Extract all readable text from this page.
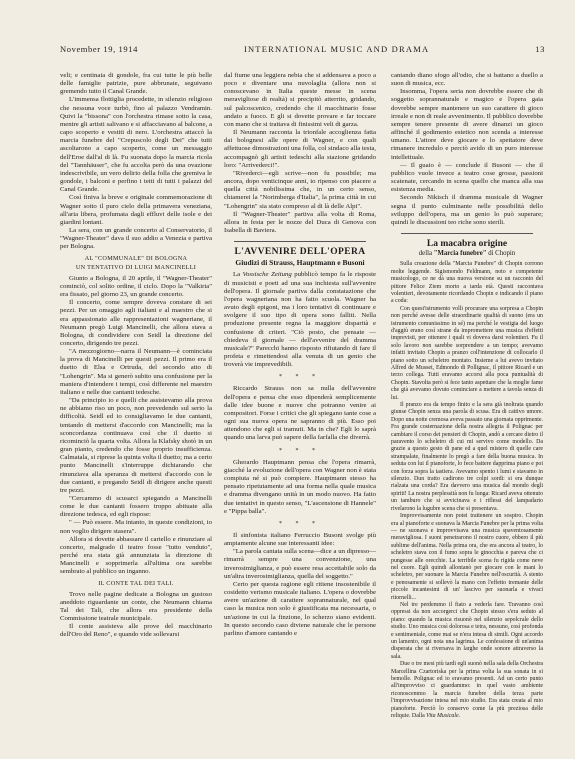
November 19, 1914	INTERNATIONAL MUSIC AND DRAMA	13

veli; e centinaia di gondole, fra cui tutte le più belle delle famiglie patrizie, pure abbrunate, seguivano gremendo tutto il Canal Grande.

L'immensa flottiglia procedette, in silenzio religioso che nessuna voce turbò, fino al palazzo Vendramin. Quivi la "bissona" con l'orchestra rimase sotto la casa, mentre gli artisti salivano e si affacciavano al balcone, a capo scoperto e vestiti di nero. L'orchestra attaccò la marcia funebre del "Crepuscolo degli Dei" che tutti ascoltarono a capo scoperto, come un messaggio dell'Eroe dall'al di là. Fu suonata dopo la marcia ricola del "Tannhäuser", che fu accolta però da una ovazione indescrivibile, un vero delirio della folla che gremiva le gondole, i balconi e perfino i tetti di tutti i palazzi del Canal Grande.

Così finiva la breve e originale commemorazione di Wagner sotto il puro cielo della primavera veneziana, all'aria libera, profumata dagli effluvi delle isole e dei giardini lontani.

La sera, con un grande concerto al Conservatorio, il "Wagner-Theater" dava il suo addio a Venezia e partiva per Bologna.

AL "COMMUNALE" DI BOLOGNA
UN TENTATIVO DI LUIGI MANCINELLI

Giunto a Bologna, il 20 aprile, il "Wagner-Theater" cominciò, col solito ordine, il ciclo. Dopo la "Valkiria" era fissato, pel giorno 23, un grande concerto.

Il concerto, come sempre doveva constare di sei pezzi. Per un omaggio agli italiani e al maestro che si era appassionato alle rappresentazioni wagneriane, il Neumann pregò Luigi Mancinelli, che allora stava a Bologna, di condividere con Seidl la direzione del concerto, dirigendo tre pezzi.

"A mezzogiorno—narra il Neumann—è cominciata la prova di Mancinelli per questi pezzi. Il primo era il duetto di Elsa e Ortruda, del secondo atto di "Lohengrin". Ma si generò subito una confusione per la maniera d'intendere i tempi, così differente nel maestro italiano e nelle due cantanti tedesche.

"Da principio io e quelli che assistevamo alla prova ne abbiamo riso un poco, non prevedendo sul serio la difficoltà. Seidl ed io consigliavamo le due cantanti, tentando di mettersi d'accordo con Mancinelli; ma la sconcordanza continuava così che il duetto si ricominciò la quarta volta. Allora la Klafsky shotò in un gran pianto, credendo che fosse proprio insufficienza. Calmatala, si riprese la quinta volta il duetto; ma a certo punto Mancinelli s'interruppe dichiarando che rinunziava alla speranza di mettersi d'accordo con le due cantanti, e pregando Seidl di dirigere anche questi tre pezzi.

"Cercammo di scusarci spiegando a Mancinelli come le due cantanti fossero troppo abituate alla direzione tedesca, ed egli rispose:

" — Può essere. Ma intanto, in queste condizioni, io non voglio dirigere stasera".

Allora si dovette abbassare il cartello e rinunziare al concerto, malgrado il teatro fosse "tutto venduto", perché era stata già annunziata la direzione di Mancinelli e sopprimerla all'ultima ora sarebbe sembrato al pubblico un inganno.

IL CONTE TAL DEI TALI.

Trovo nelle pagine dedicate a Bologna un gustoso aneddoto riguardante un conte, che Neumann chiama Tal dei Tali, che allora era presidente della Commissione teatrale municipale.

Il conte assisteva alle prove del macchinario dell'Oro del Reno", e quando vide sollevarsi

dal fiume una leggiera nebia che si addensava a poco a poco e diventare una nuvolaglia (allora non si conoscevano in Italia queste messe in scena meravigliose di realtà) si precipitò atterrito, gridando, sul palcoscenico, credendo che il macchinario fosse andato a fuoco. E gli si dovette provare e far toccare con mano che si trattava di finissimi veli di garza.

Il Neumann racconta la trionfale accoglienza fatta dai bolognesi alle opere di Wagner, e con quali affettuose dimostrazioni una folla, col sindaco alla testa, accompagnò gli artisti tedeschi alla stazione gridando loro: "Arrivederci!".

"Rivederci—egli scrive—non fu possibile; ma ancora, dopo venticinque anni, io ripenso con piacere a quella città nobilissima che, in un certo senso, chiamerei la "Norimberga d'Italia", la prima città in cui "Lohengrin" sia stato compreso al di là delle Alpi".

Il "Wagner-Theater" partiva alla volta di Roma, allora in festa per le nozze del Duca di Genova con Isabella di Baviera.

L'AVVENIRE DELL'OPERA
Giudizi di Strauss, Hauptmann e Busoni

La Vossische Zeitung pubblicò tempo fa le risposte di musicisti e poeti ad una sua inchiesta sull'avvenire dell'opera. Il giornale partiva dalla constatazione che l'opera wagneriana non ha fatto scuola. Wagner ha avuto degli epigoni, ma i loro tentativi di continuare e svolgere il suo tipo di opera sono falliti. Nella produzione presente regna la maggiore disparità e confusione di criteri. "Ciò posto, che pensate — chiedeva il giornale — dell'avvenire del dramma musicale?" Parecchi hanno risposto rifiutando di fare il profeta e rimettendosi alla venuta di un genio che troverà vie imprevedibili.

* * *

Riccardo Strauss non sa nulla dell'avvenire dell'opera e pensa che esso dipenderà semplicemente dalle idee buone e nuove che potranno venire ai compositori. Forse i critici che gli spiegano tante cose a ogni sua nuova opera ne sapranno di più. Esso poi attendono che egli si tramuti. Ma in che? Egli lo saprà quando una larva può sapere della farfalla che diverrà.

* * *

Gherardo Hauptmann pensa che l'opera rimarrà, giacché la evoluzione dell'opera con Wagner non è stata compiuta né si può compiere. Hauptmann stesso ha pensato ripetutamente ad una forma nella quale musica e dramma divengano unità in un modo nuovo. Ha fatto due tentativi in questo senso, "L'ascensione di Hannele" e "Pippa balla".

* * *

Il sinfonista italiano Ferruccio Busoni svolge più ampiamente alcune sue interessanti idee:

"La parola cantata sulla scena—dice a un dipresso—rimarrà sempre una convenzione, una inverosimiglianza, e può essere resa accettabile solo da un'altra inverosimiglianza, quella del soggetto."

Certo per questa ragione egli ritiene insostenibile il cosidetto verismo musicale italiano. L'opera o dovrebbe avere un'azione di carattere soprannaturale, nel qual caso la musica non solo è giustificata ma necessaria, o un'azione in cui la finzione, lo scherzo siano evidenti. In questo secondo caso diviene naturale che le persone parlino d'amore cantando e

cantando diano sfogo all'odio, che si battano a duello a suon di musica, ecc.

Insomma, l'opera seria non dovrebbe essere che di soggetto soprannaturale e magico e l'opera gaia dovrebbe sempre mantenere un suo carattere di gioco irreale e non di reale avvenimento. Il pubblico dovrebbe sempre tenere presente di avere dinanzi un gioco affinché il godimento estetico non scenda a interesse umano. L'attore deve giocare e lo spettatore deve rimanere incredulo e perciò avido di un puro interesse intellettuale.

— Il guaio è — conclude il Busoni — che il pubblico vuole invece a teatro cose grosse, passioni scatenate, cercando in scena quello che manca alla sua esistenza media.

Secondo Nikisch il dramma musicale di Wagner segna il punto culminante nelle possibilità dello sviluppo dell'opera, ma un genio lo può superare; quindi le discussioni teo riche sono sterili.

La macabra origine
della "Marcia funebre" di Chopin

Sulla creazione della "Marcia Funebre" di Chopin corrono molte leggende. Sigismondo Feldmann, noto e competente musicologo, ce ne dà una nuova versione su un racconto del pittore Felice Ziem morto a tarda età. Questi raccontava volentieri, devotamente ricordando Chopin e indicando il piano a coda:

Con quest'istrumento volli procurare una sorpresa a Chopin non perché avesse delle straordinarie qualità di suono (era un istrumento comunissimo in sé) ma perché le vestigia del luogo d'aggiù erano così strane da impromettere una musica d'effetti imprevisti, per ottenere i quali vi doveva darsi volentieri. Fu il solo lavoro non sarebbe sorprendere a un tempo; avevamo infatti invitato Chopin a pranzo coll'intenzione di collocarlo il piano sotto un scheletro montato. Insieme a lui avevo invitato Alfred de Musset, Edmondo di Pollignac, il pittore Ricard e un terzo collega. Tutti eravamo accorsi alla poca puntualità di Chopin. Stavolta però si fece tanto aspettare che la moglie fame che già avevamo dovuto cominciare a mettere a tavola senza di lui.

Il pranzo era da tempo finito e la sera già inoltrata quando giunse Chopin senza una parola di scusa. Era di cattivo umore. Dopo una notte cremosa aveva passato una giornata opprimente. Fra grande costernazione della nostra allegria il Polignac per cambiare il corso dei pensieri di Chopin, andò a cercare dietro il paravento lo scheletro di cui mi servivo come modello. Da grazie a questo gesto di pane ed a quel mistero di quelle care strampalate, finalmente lo pregò a fare della buona musica. In seduta con lui il pianoforte, lo fece battere dapprima piano e poi con forza sopra la tastiera. Avevamo spento i lumi e stavamo in silenzio. Dun tratto cadirono tre colpi sordi: si era dunque rialzata una corda? Era davvero una musica dal mondo degli spiriti! La nostra perplessità non fu lunga: Ricard aveva ottenuto un tamburo che si avvicinava e i riflessi del lampadario rivelarono la lugubre scena che si presentava.

Improvvisamente non potei trattenere un sospiro. Chopin era al pianoforte e suonava la Marcia Funebre per la prima volta — ne suonava e improvvisava una musica spaventosamente meravigliosa. I suoni penetrarono il nostro cuore, ebbero il più sublime dell'anima. Nella prima ora, che era ancora al teatro, lo scheletro stava con il fumo sopra le ginocchia e pareva che ci pungesse alle orecchie. La terribile scena fu rigida come neve nel cuore. Egli quindi allontanò per giocare con le mani lo scheletro, per suonare la Marcia Funebre nell'oscurità. A stento e penosamente si sollevò la mano con l'effetto tremante delle piccole incantesimi di un' lascivo per suonarla e vivaci ritornelli...

Nel tre perdemmo il fiato a vederla fare. Travanno così oppressi da non accorgerci che Chopin stesso s'era seduto al piano: quando la musica risuonò nel silenzio sepolcrale dello studio. Uno musica così dolorosa e tetra, nessuno, così profonda e sentimentale, come mai se n'era intesa di simili. Ogni accordo un lamento, ogni nota una lagrima. Le confessione di un'anima disperata che si riversava in larghe onde sonore attraverso la sala.

Due o tre mesi più tardi egli suonò nella sala della Orchestra Marcellina Czartoriska per la prima volta la sua sonata in si bemolle. Polignac ed io eravamo presenti. Ad un certo punto all'improvviso ci guardammo: in quel vasto ambiente riconoscemmo la marcia funebre della terza parte l'improvvisazione intesa nel mio studio. Era stata creata al mio pianoforte. Perciò lo conservo come la più preziosa delle reliquie. Dalla Vita Musicale.
